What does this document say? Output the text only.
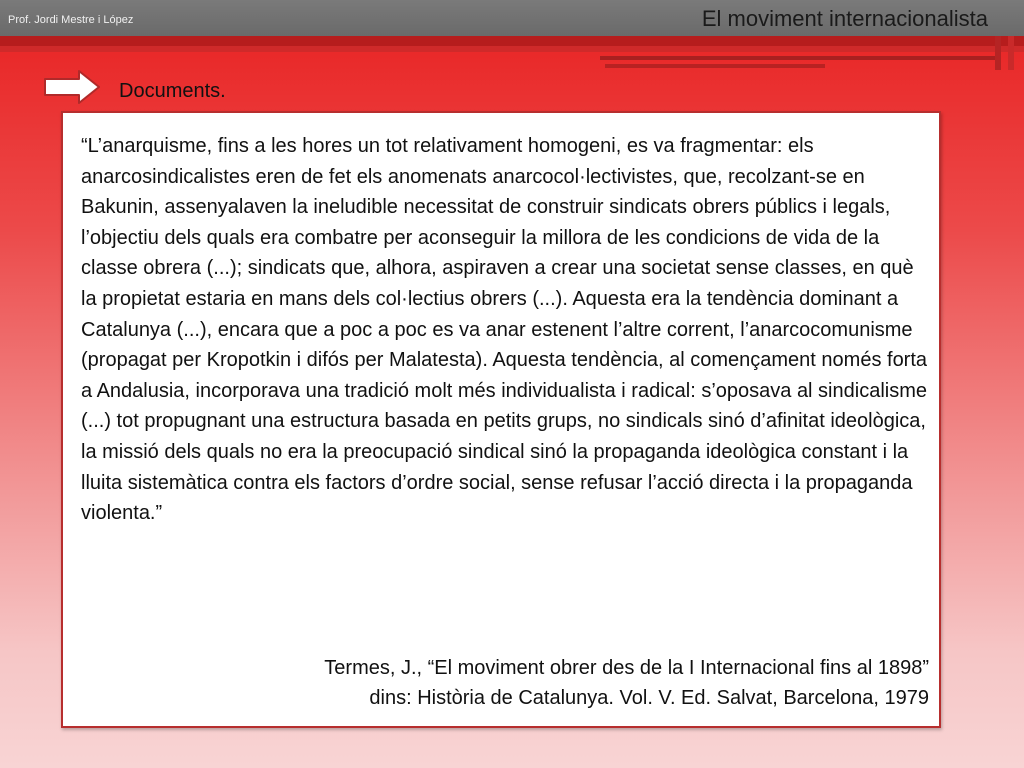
Prof. Jordi Mestre i López	El moviment internacionalista
Documents.

“L’anarquisme, fins a les hores un tot relativament homogeni, es va fragmentar: els anarcosindicalistes eren de fet els anomenats anarcocol·lectivistes, que, recolzant-se en Bakunin, assenyalaven la ineludible necessitat de construir sindicats obrers públics i legals, l’objectiu dels quals era combatre per aconseguir la millora de les condicions de vida de la classe obrera (...); sindicats que, alhora, aspiraven a crear una societat sense classes, en què la propietat estaria en mans dels col·lectius obrers (...). Aquesta era la tendència dominant a Catalunya (...), encara que a poc a poc es va anar estenent l’altre corrent, l’anarcocomunisme (propagat per Kropotkin i difós per Malatesta). Aquesta tendència, al començament només forta a Andalusia, incorporava una tradició molt més individualista i radical: s’oposava al sindicalisme (...) tot propugnant una estructura basada en petits grups, no sindicals sinó d’afinitat ideològica, la missió dels quals no era la preocupació sindical sinó la propaganda ideològica constant i la lluita sistemàtica contra els factors d’ordre social, sense refusar l’acció directa i la propaganda violenta.”

Termes, J., “El moviment obrer des de la I Internacional fins al 1898”
dins: Història de Catalunya. Vol. V. Ed. Salvat, Barcelona, 1979
